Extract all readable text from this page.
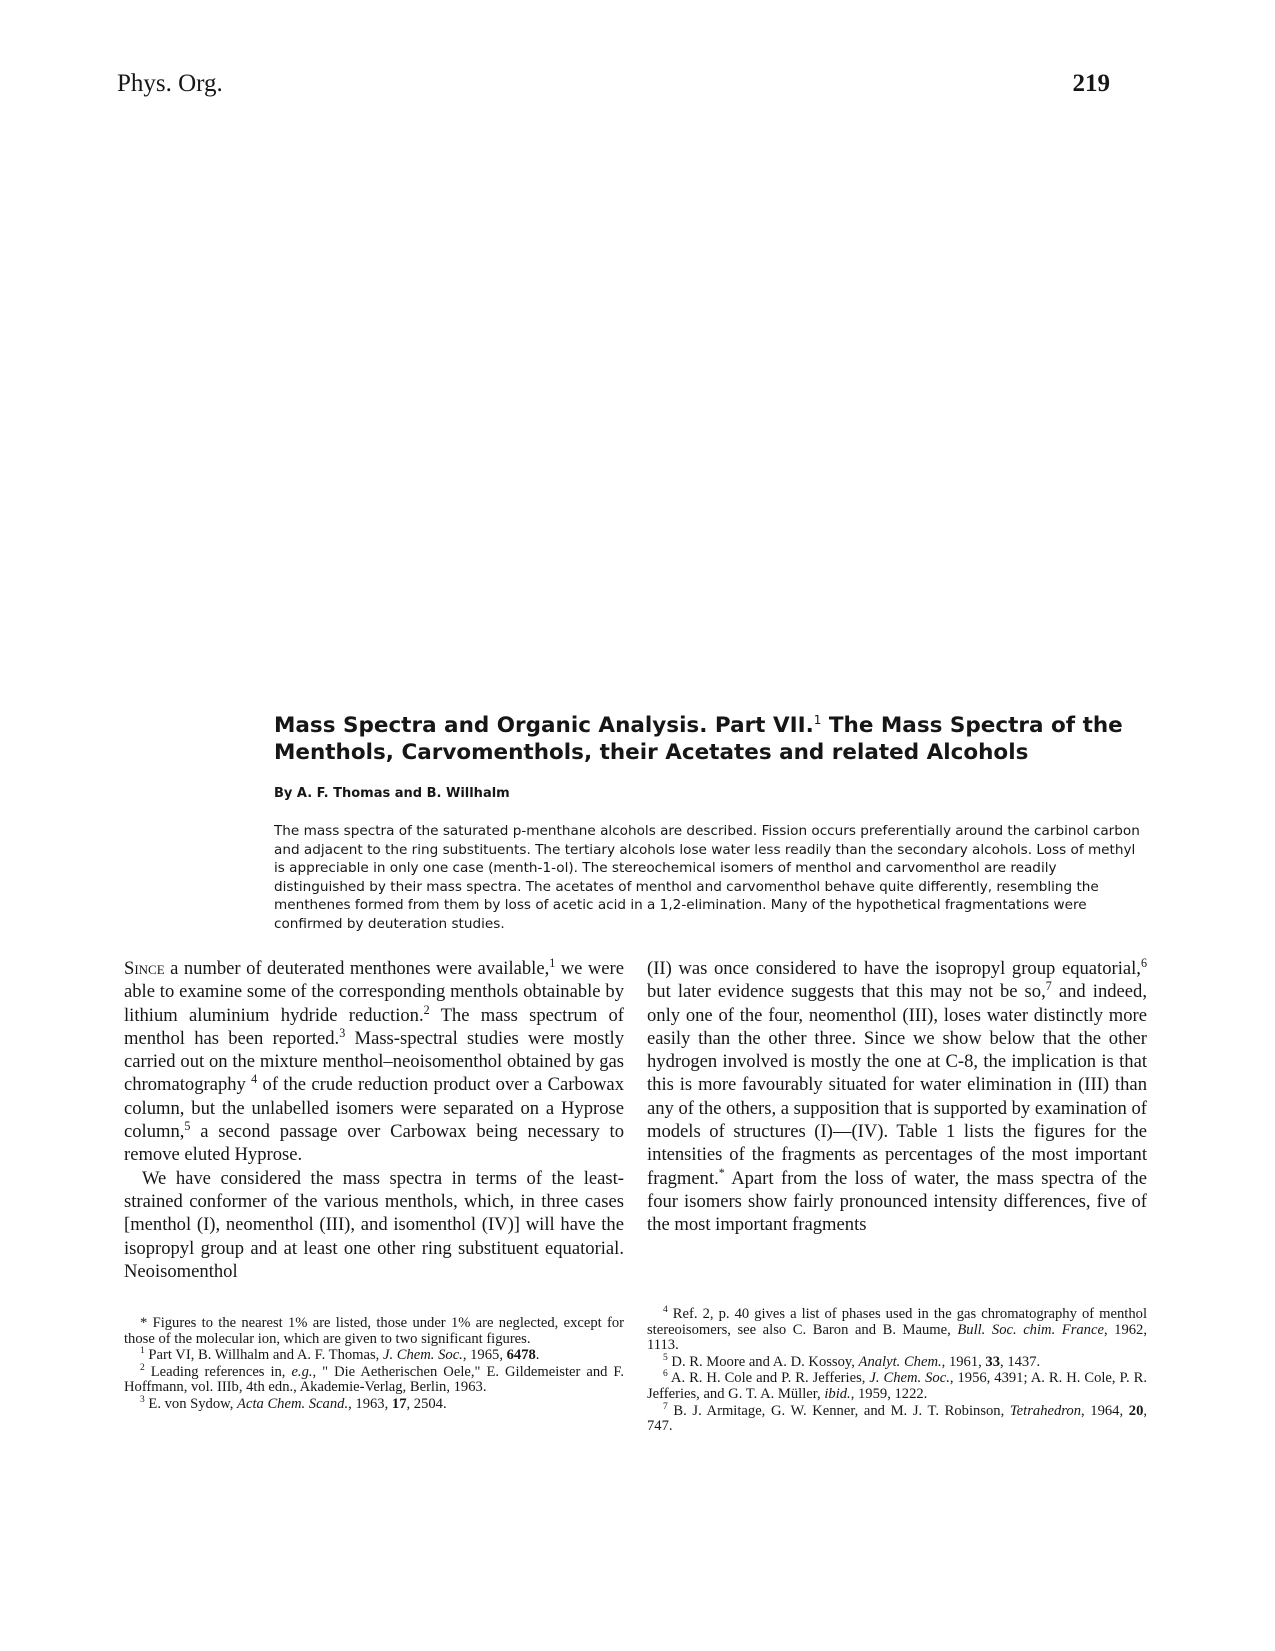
Phys. Org.	219
Mass Spectra and Organic Analysis. Part VII.$^1$ The Mass Spectra of the Menthols, Carvomenthols, their Acetates and related Alcohols
By A. F. Thomas and B. Willhalm

The mass spectra of the saturated p-menthane alcohols are described. Fission occurs preferentially around the carbinol carbon and adjacent to the ring substituents. The tertiary alcohols lose water less readily than the secondary alcohols. Loss of methyl is appreciable in only one case (menth-1-ol). The stereochemical isomers of menthol and carvomenthol are readily distinguished by their mass spectra. The acetates of menthol and carvomenthol behave quite differently, resembling the menthenes formed from them by loss of acetic acid in a 1,2-elimination. Many of the hypothetical fragmentations were confirmed by deuteration studies.

Since a number of deuterated menthones were available,$^1$ we were able to examine some of the corresponding menthols obtainable by lithium aluminium hydride reduction.$^2$ The mass spectrum of menthol has been reported.$^3$ Mass-spectral studies were mostly carried out on the mixture menthol–neoisomenthol obtained by gas chromatography $^4$ of the crude reduction product over a Carbowax column, but the unlabelled isomers were separated on a Hyprose column,$^5$ a second passage over Carbowax being necessary to remove eluted Hyprose.

We have considered the mass spectra in terms of the least-strained conformer of the various menthols, which, in three cases [menthol (I), neomenthol (III), and isomenthol (IV)] will have the isopropyl group and at least one other ring substituent equatorial. Neoisomenthol

(II) was once considered to have the isopropyl group equatorial,$^6$ but later evidence suggests that this may not be so,$^7$ and indeed, only one of the four, neomenthol (III), loses water distinctly more easily than the other three. Since we show below that the other hydrogen involved is mostly the one at C-8, the implication is that this is more favourably situated for water elimination in (III) than any of the others, a supposition that is supported by examination of models of structures (I)—(IV). Table 1 lists the figures for the intensities of the fragments as percentages of the most important fragment.* Apart from the loss of water, the mass spectra of the four isomers show fairly pronounced intensity differences, five of the most important fragments

* Figures to the nearest 1% are listed, those under 1% are neglected, except for those of the molecular ion, which are given to two significant figures.

$^1$ Part VI, B. Willhalm and A. F. Thomas, J. Chem. Soc., 1965, 6478.

$^2$ Leading references in, e.g., " Die Aetherischen Oele," E. Gildemeister and F. Hoffmann, vol. IIIb, 4th edn., Akademie-Verlag, Berlin, 1963.

$^3$ E. von Sydow, Acta Chem. Scand., 1963, 17, 2504.

$^4$ Ref. 2, p. 40 gives a list of phases used in the gas chromatography of menthol stereoisomers, see also C. Baron and B. Maume, Bull. Soc. chim. France, 1962, 1113.

$^5$ D. R. Moore and A. D. Kossoy, Analyt. Chem., 1961, 33, 1437.

$^6$ A. R. H. Cole and P. R. Jefferies, J. Chem. Soc., 1956, 4391; A. R. H. Cole, P. R. Jefferies, and G. T. A. Müller, ibid., 1959, 1222.

$^7$ B. J. Armitage, G. W. Kenner, and M. J. T. Robinson, Tetrahedron, 1964, 20, 747.
